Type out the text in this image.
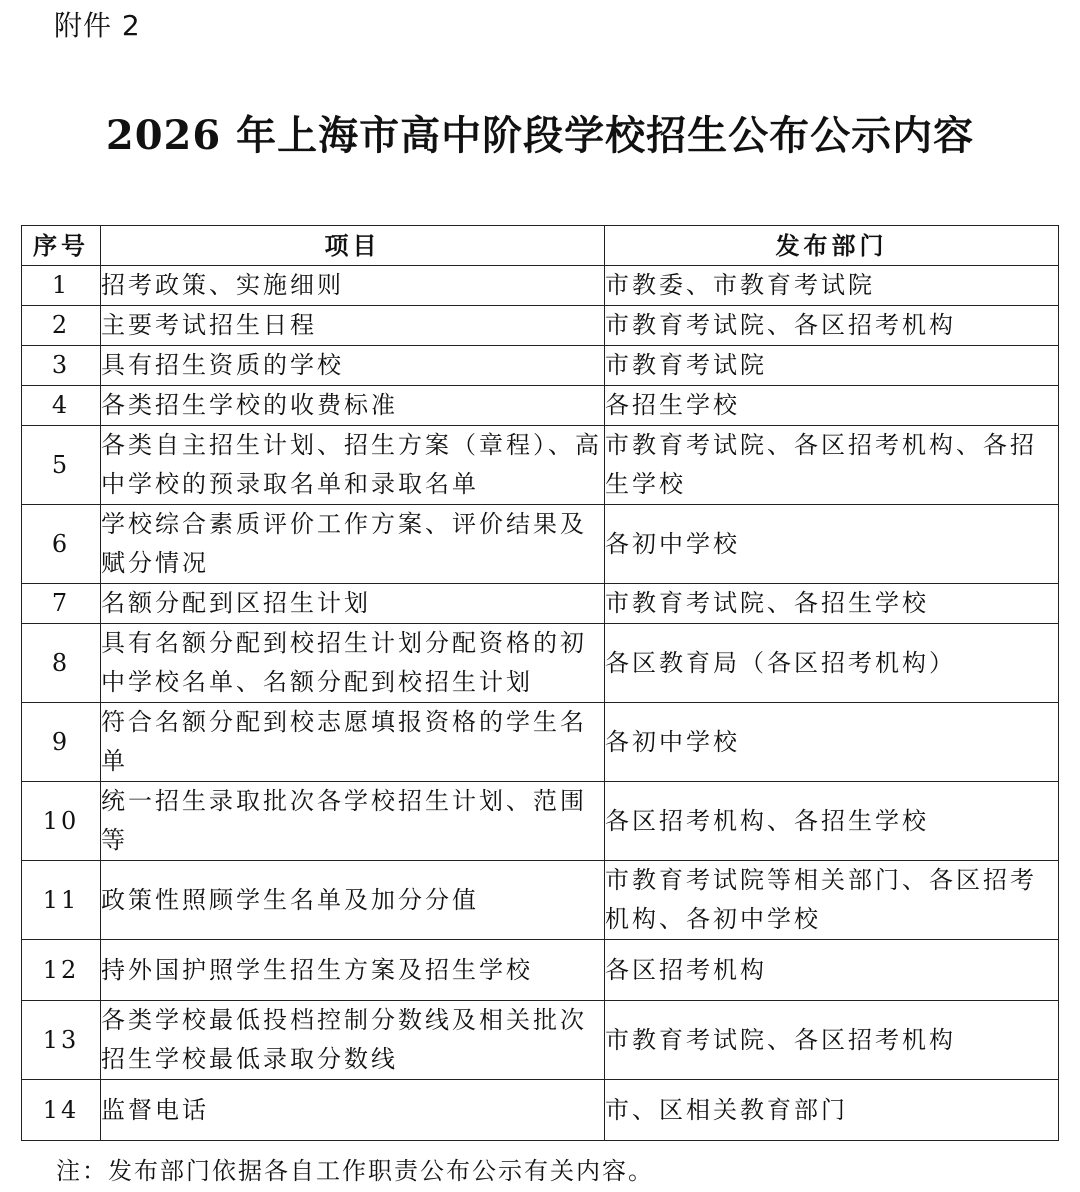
附件 2
2026 年上海市高中阶段学校招生公布公示内容
序号	项目	发布部门
1	招考政策、实施细则	市教委、市教育考试院
2	主要考试招生日程	市教育考试院、各区招考机构
3	具有招生资质的学校	市教育考试院
4	各类招生学校的收费标准	各招生学校
5	各类自主招生计划、招生方案（章程）、高中学校的预录取名单和录取名单	市教育考试院、各区招考机构、各招生学校
6	学校综合素质评价工作方案、评价结果及赋分情况	各初中学校
7	名额分配到区招生计划	市教育考试院、各招生学校
8	具有名额分配到校招生计划分配资格的初中学校名单、名额分配到校招生计划	各区教育局（各区招考机构）
9	符合名额分配到校志愿填报资格的学生名单	各初中学校
10	统一招生录取批次各学校招生计划、范围等	各区招考机构、各招生学校
11	政策性照顾学生名单及加分分值	市教育考试院等相关部门、各区招考机构、各初中学校
12	持外国护照学生招生方案及招生学校	各区招考机构
13	各类学校最低投档控制分数线及相关批次招生学校最低录取分数线	市教育考试院、各区招考机构
14	监督电话	市、区相关教育部门
注：发布部门依据各自工作职责公布公示有关内容。
